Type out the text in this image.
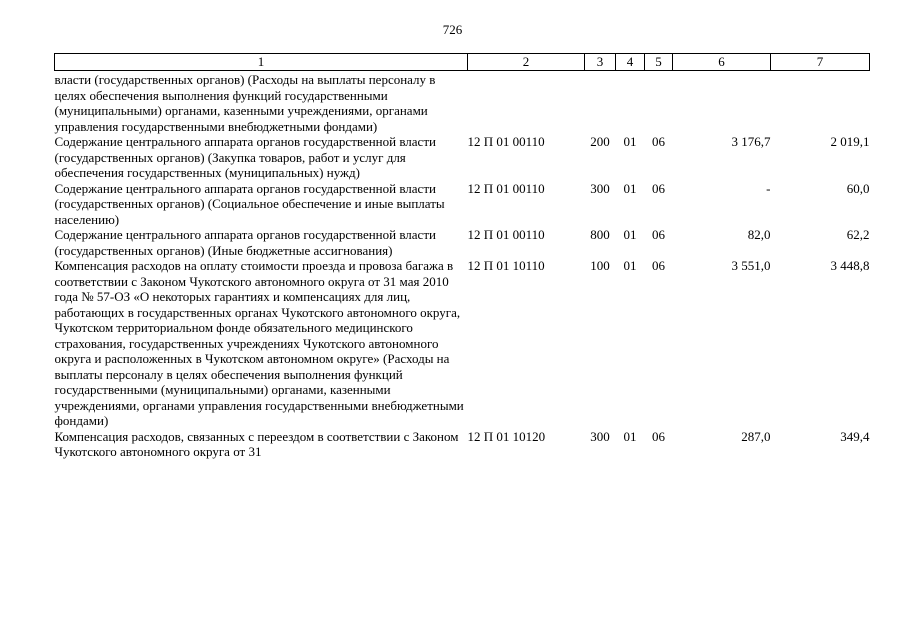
726
1	2	3	4	5	6	7
власти (государственных органов) (Расходы на выплаты персоналу в целях обеспечения выполнения функций государственными (муниципальными) органами, казенными учреждениями, органами управления государственными внебюджетными фондами)						
Содержание центрального аппарата органов государственной власти (государственных органов) (Закупка товаров, работ и услуг для обеспечения государственных (муниципальных) нужд)	12 П 01 00110	200	01	06	3 176,7	2 019,1
Содержание центрального аппарата органов государственной власти (государственных органов) (Социальное обеспечение и иные выплаты населению)	12 П 01 00110	300	01	06	-	60,0
Содержание центрального аппарата органов государственной власти (государственных органов) (Иные бюджетные ассигнования)	12 П 01 00110	800	01	06	82,0	62,2
Компенсация расходов на оплату стоимости проезда и провоза багажа в соответствии с Законом Чукотского автономного округа от 31 мая 2010 года № 57-ОЗ «О некоторых гарантиях и компенсациях для лиц, работающих в государственных органах Чукотского автономного округа, Чукотском территориальном фонде обязательного медицинского страхования, государственных учреждениях Чукотского автономного округа и расположенных в Чукотском автономном округе» (Расходы на выплаты персоналу в целях обеспечения выполнения функций государственными (муниципальными) органами, казенными учреждениями, органами управления государственными внебюджетными фондами)	12 П 01 10110	100	01	06	3 551,0	3 448,8
Компенсация расходов, связанных с переездом в соответствии с Законом Чукотского автономного округа от 31	12 П 01 10120	300	01	06	287,0	349,4
